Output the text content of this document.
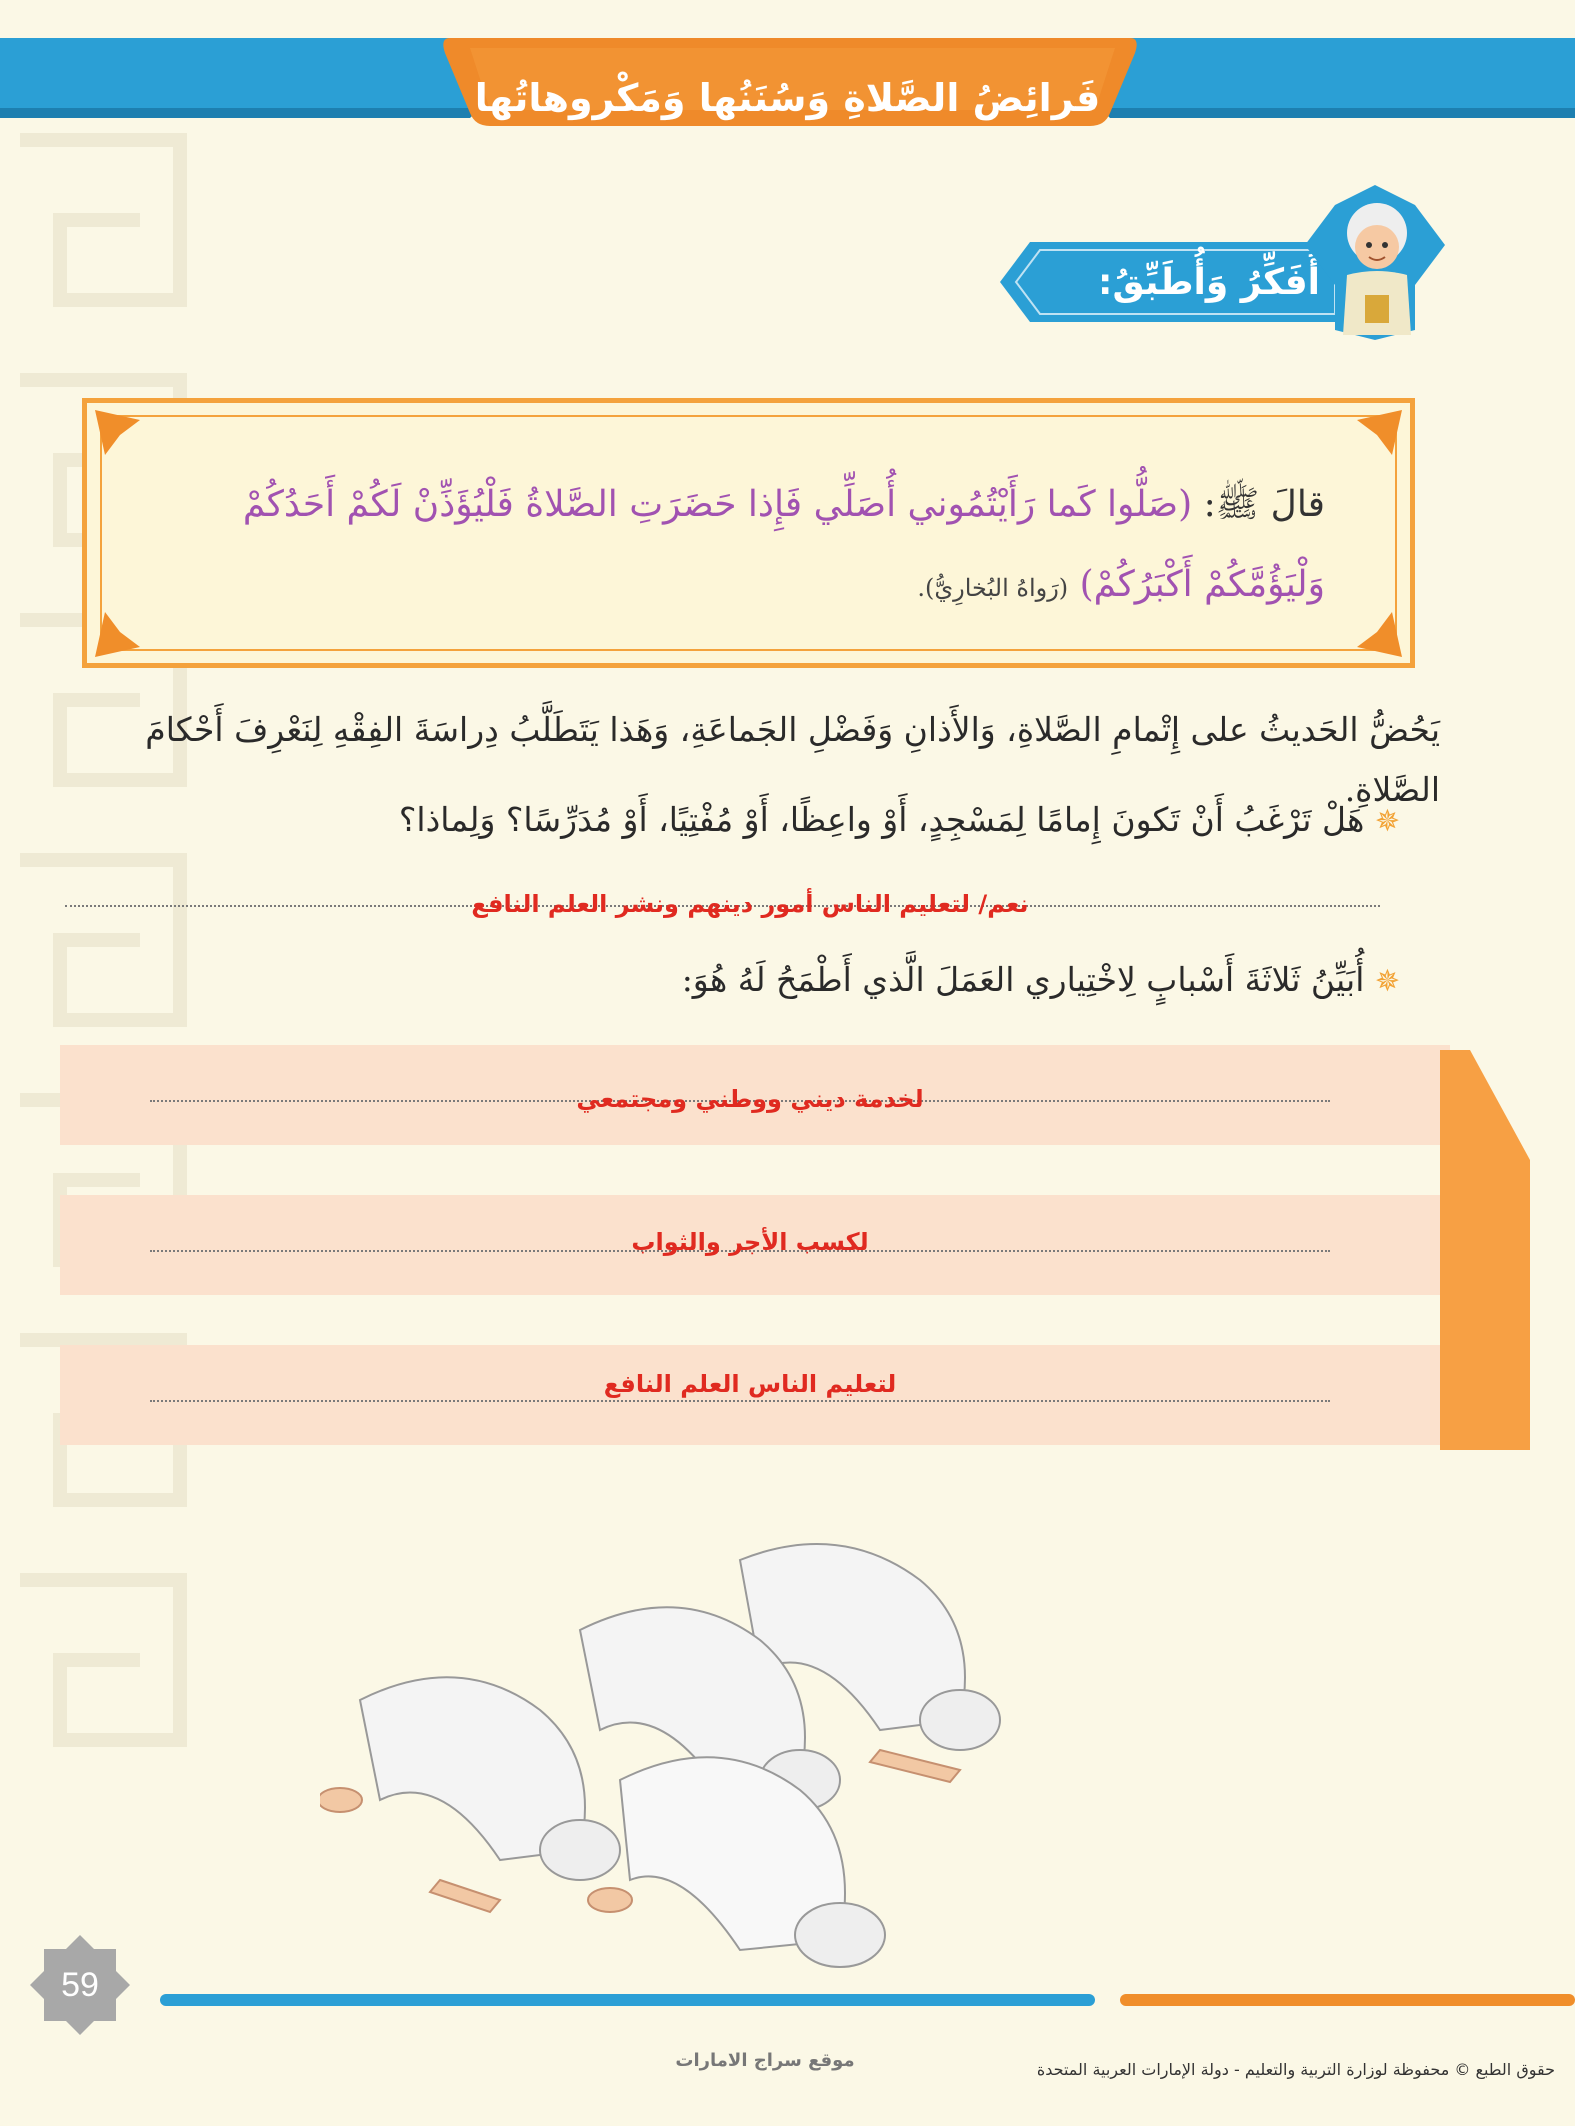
فَرائِضُ الصَّلاةِ وَسُنَنُها وَمَكْروهاتُها
أُفَكِّرُ وَأُطَبِّقُ:
قالَ ﷺ: (صَلُّوا كَما رَأَيْتُمُوني أُصَلِّي فَإِذا حَضَرَتِ الصَّلاةُ فَلْيُؤَذِّنْ لَكُمْ أَحَدُكُمْ وَلْيَؤُمَّكُمْ أَكْبَرُكُمْ) (رَواهُ البُخارِيُّ).
يَحُضُّ الحَديثُ على إِتْمامِ الصَّلاةِ، وَالأَذانِ وَفَضْلِ الجَماعَةِ، وَهَذا يَتَطَلَّبُ دِراسَةَ الفِقْهِ لِنَعْرِفَ أَحْكامَ الصَّلاةِ.
✵ هَلْ تَرْغَبُ أَنْ تَكونَ إِمامًا لِمَسْجِدٍ، أَوْ واعِظًا، أَوْ مُفْتِيًا، أَوْ مُدَرِّسًا؟ وَلِماذا؟
نعم/ لتعليم الناس أمور دينهم ونشر العلم النافع
✵ أُبَيِّنُ ثَلاثَةَ أَسْبابٍ لِاخْتِياري العَمَلَ الَّذي أَطْمَحُ لَهُ هُوَ:
لخدمة ديني ووطني ومجتمعي
لكسب الأجر والثواب
لتعليم الناس العلم النافع
59
موقع سراج الامارات	حقوق الطبع © محفوظة لوزارة التربية والتعليم - دولة الإمارات العربية المتحدة
